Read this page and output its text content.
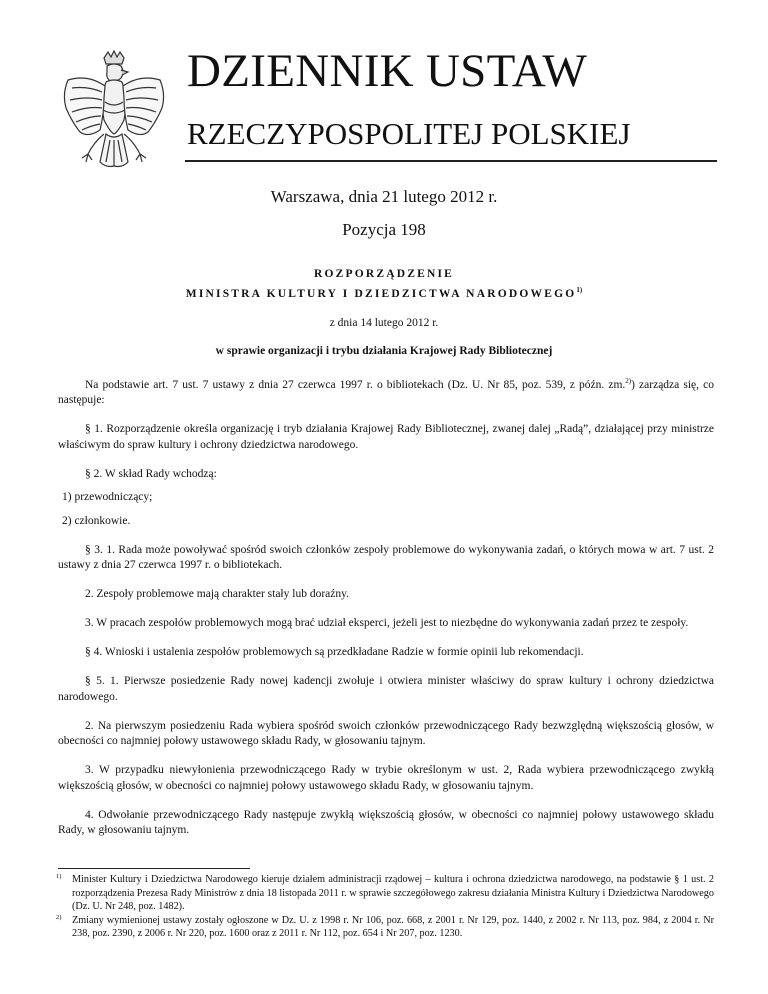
DZIENNIK USTAW
RZECZYPOSPOLITEJ POLSKIEJ
Warszawa, dnia 21 lutego 2012 r.
Pozycja 198
ROZPORZĄDZENIE
MINISTRA KULTURY I DZIEDZICTWA NARODOWEGO$^{1)}$
z dnia 14 lutego 2012 r.
w sprawie organizacji i trybu działania Krajowej Rady Bibliotecznej

Na podstawie art. 7 ust. 7 ustawy z dnia 27 czerwca 1997 r. o bibliotekach (Dz. U. Nr 85, poz. 539, z późn. zm.$^{2)}$) zarządza się, co następuje:

§ 1. Rozporządzenie określa organizację i tryb działania Krajowej Rady Bibliotecznej, zwanej dalej „Radą”, działającej przy ministrze właściwym do spraw kultury i ochrony dziedzictwa narodowego.

§ 2. W skład Rady wchodzą:

1) przewodniczący;

2) członkowie.

§ 3. 1. Rada może powoływać spośród swoich członków zespoły problemowe do wykonywania zadań, o których mowa w art. 7 ust. 2 ustawy z dnia 27 czerwca 1997 r. o bibliotekach.

2. Zespoły problemowe mają charakter stały lub doraźny.

3. W pracach zespołów problemowych mogą brać udział eksperci, jeżeli jest to niezbędne do wykonywania zadań przez te zespoły.

§ 4. Wnioski i ustalenia zespołów problemowych są przedkładane Radzie w formie opinii lub rekomendacji.

§ 5. 1. Pierwsze posiedzenie Rady nowej kadencji zwołuje i otwiera minister właściwy do spraw kultury i ochrony dziedzictwa narodowego.

2. Na pierwszym posiedzeniu Rada wybiera spośród swoich członków przewodniczącego Rady bezwzględną większością głosów, w obecności co najmniej połowy ustawowego składu Rady, w głosowaniu tajnym.

3. W przypadku niewyłonienia przewodniczącego Rady w trybie określonym w ust. 2, Rada wybiera przewodniczącego zwykłą większością głosów, w obecności co najmniej połowy ustawowego składu Rady, w głosowaniu tajnym.

4. Odwołanie przewodniczącego Rady następuje zwykłą większością głosów, w obecności co najmniej połowy ustawowego składu Rady, w głosowaniu tajnym.

1) Minister Kultury i Dziedzictwa Narodowego kieruje działem administracji rządowej – kultura i ochrona dziedzictwa narodowego, na podstawie § 1 ust. 2 rozporządzenia Prezesa Rady Ministrów z dnia 18 listopada 2011 r. w sprawie szczegółowego zakresu działania Ministra Kultury i Dziedzictwa Narodowego (Dz. U. Nr 248, poz. 1482).

2) Zmiany wymienionej ustawy zostały ogłoszone w Dz. U. z 1998 r. Nr 106, poz. 668, z 2001 r. Nr 129, poz. 1440, z 2002 r. Nr 113, poz. 984, z 2004 r. Nr 238, poz. 2390, z 2006 r. Nr 220, poz. 1600 oraz z 2011 r. Nr 112, poz. 654 i Nr 207, poz. 1230.
